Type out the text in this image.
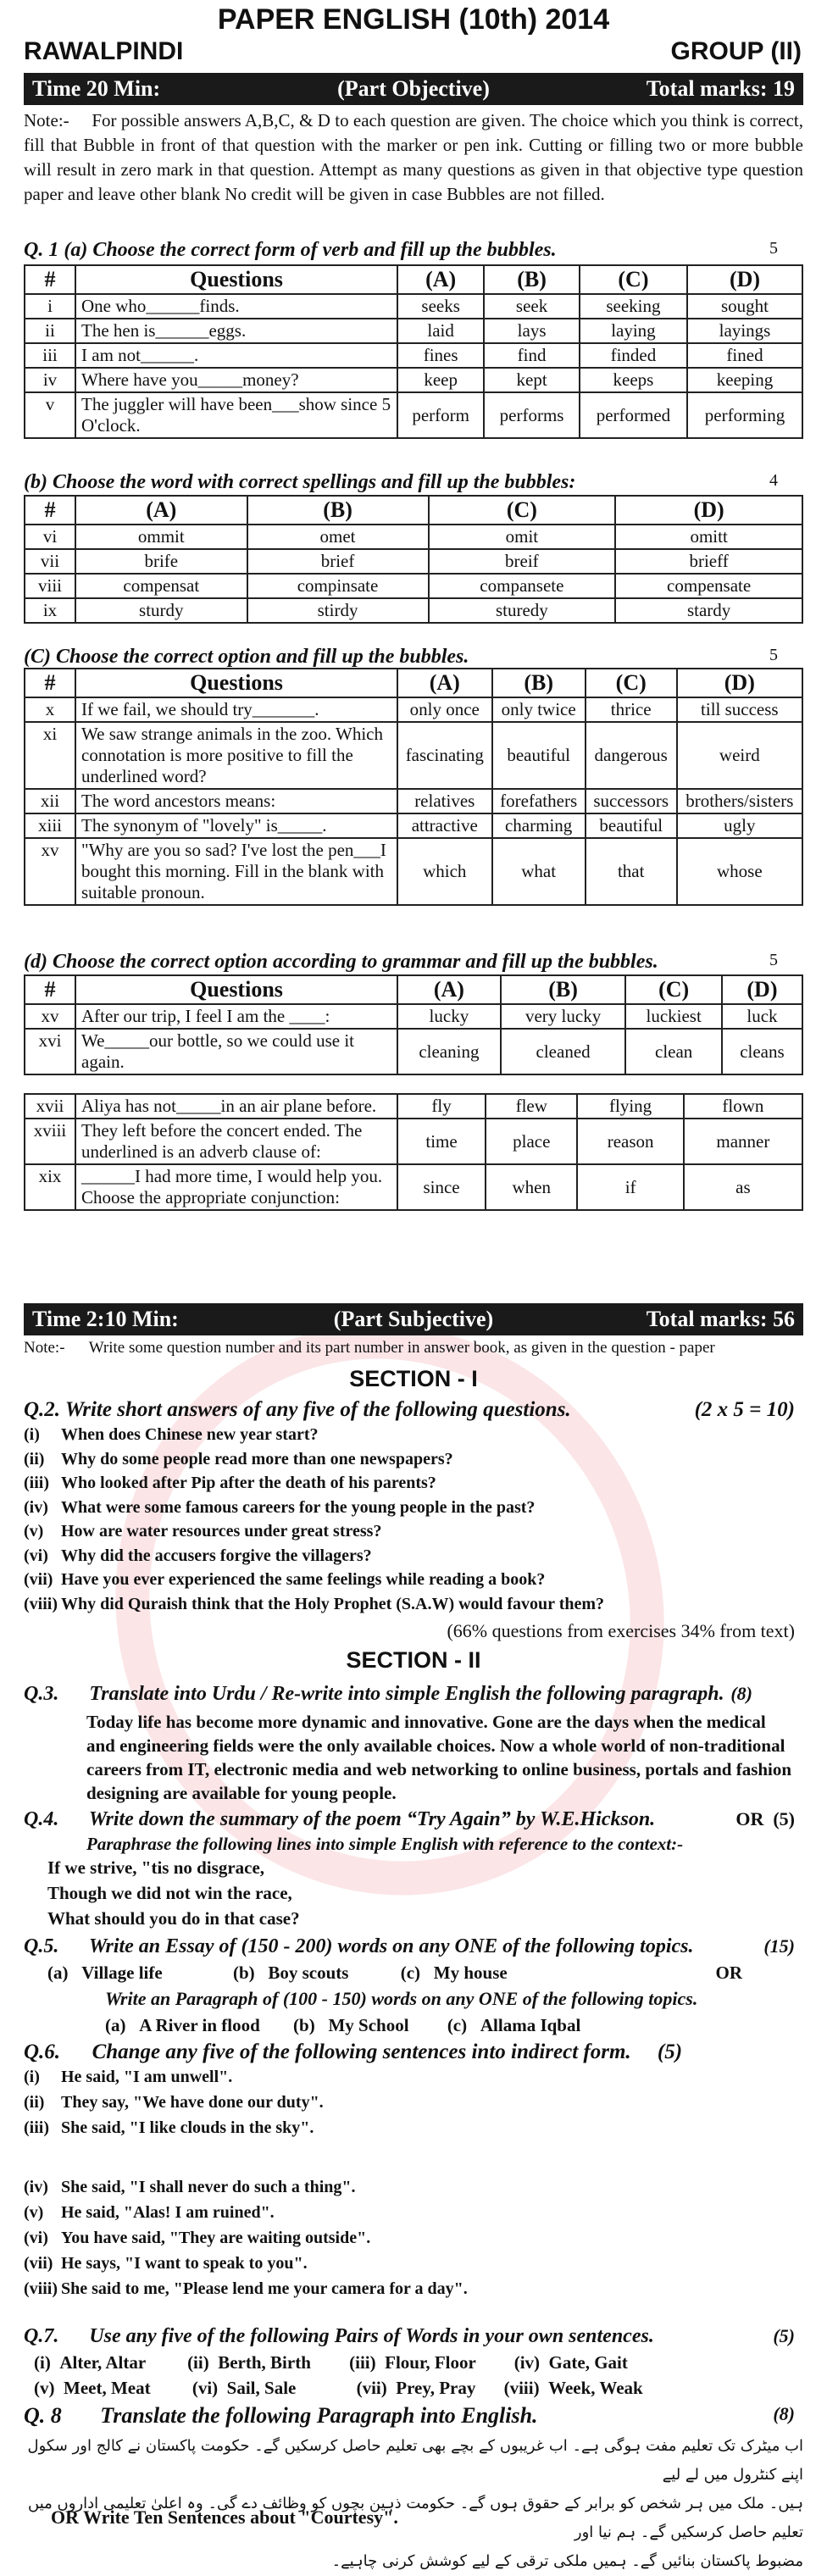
PAPER ENGLISH (10th) 2014
RAWALPINDI	GROUP (II)
Time 20 Min:	(Part Objective)	Total marks: 19
Note:- For possible answers A,B,C, & D to each question are given. The choice which you think is correct, fill that Bubble in front of that question with the marker or pen ink. Cutting or filling two or more bubble will result in zero mark in that question. Attempt as many questions as given in that objective type question paper and leave other blank No credit will be given in case Bubbles are not filled.
Q. 1 (a) Choose the correct form of verb and fill up the bubbles.	5
#	Questions	(A)	(B)	(C)	(D)
i	One who______finds.	seeks	seek	seeking	sought
ii	The hen is______eggs.	laid	lays	laying	layings
iii	I am not______.	fines	find	finded	fined
iv	Where have you_____money?	keep	kept	keeps	keeping
v	The juggler will have been___show since 5 O'clock.	perform	performs	performed	performing
(b) Choose the word with correct spellings and fill up the bubbles:	4
#	(A)	(B)	(C)	(D)
vi	ommit	omet	omit	omitt
vii	brife	brief	breif	brieff
viii	compensat	compinsate	compansete	compensate
ix	sturdy	stirdy	sturedy	stardy
(C) Choose the correct option and fill up the bubbles.	5
#	Questions	(A)	(B)	(C)	(D)
x	If we fail, we should try_______.	only once	only twice	thrice	till success
xi	We saw strange animals in the zoo. Which connotation is more positive to fill the underlined word?	fascinating	beautiful	dangerous	weird
xii	The word ancestors means:	relatives	forefathers	successors	brothers/sisters
xiii	The synonym of "lovely" is_____.	attractive	charming	beautiful	ugly
xv	"Why are you so sad? I've lost the pen___I bought this morning. Fill in the blank with suitable pronoun.	which	what	that	whose
(d) Choose the correct option according to grammar and fill up the bubbles.	5
#	Questions	(A)	(B)	(C)	(D)
xv	After our trip, I feel I am the ____:	lucky	very lucky	luckiest	luck
xvi	We_____our bottle, so we could use it again.	cleaning	cleaned	clean	cleans
xvii	Aliya has not_____in an air plane before.	fly	flew	flying	flown
xviii	They left before the concert ended. The underlined is an adverb clause of:	time	place	reason	manner
xix	______I had more time, I would help you. Choose the appropriate conjunction:	since	when	if	as
Time 2:10 Min:	(Part Subjective)	Total marks: 56
Note:- Write some question number and its part number in answer book, as given in the question - paper
SECTION - I
Q.2. Write short answers of any five of the following questions.	(2 x 5 = 10)
(i) When does Chinese new year start?
(ii) Why do some people read more than one newspapers?
(iii) Who looked after Pip after the death of his parents?
(iv) What were some famous careers for the young people in the past?
(v) How are water resources under great stress?
(vi) Why did the accusers forgive the villagers?
(vii) Have you ever experienced the same feelings while reading a book?
(viii) Why did Quraish think that the Holy Prophet (S.A.W) would favour them?
(66% questions from exercises 34% from text)
SECTION - II
Q.3. Translate into Urdu / Re-write into simple English the following paragraph. (8)
Today life has become more dynamic and innovative. Gone are the days when the medical and engineering fields were the only available choices. Now a whole world of non-traditional careers from IT, electronic media and web networking to online business, portals and fashion designing are available for young people.
Q.4. Write down the summary of the poem “Try Again” by W.E.Hickson.	OR (5)
Paraphrase the following lines into simple English with reference to the context:-
If we strive, "tis no disgrace,
Though we did not win the race,
What should you do in that case?
Q.5. Write an Essay of (150 - 200) words on any ONE of the following topics.	(15)
(a) Village life	(b) Boy scouts	(c) My house	OR
Write an Paragraph of (100 - 150) words on any ONE of the following topics.
(a) A River in flood (b) My School (c) Allama Iqbal
Q.6. Change any five of the following sentences into indirect form. (5)
(i) He said, "I am unwell".
(ii) They say, "We have done our duty".
(iii) She said, "I like clouds in the sky".
(iv) She said, "I shall never do such a thing".
(v) He said, "Alas! I am ruined".
(vi) You have said, "They are waiting outside".
(vii) He says, "I want to speak to you".
(viii) She said to me, "Please lend me your camera for a day".
Q.7. Use any five of the following Pairs of Words in your own sentences.	(5)
(i) Alter, Altar (ii) Berth, Birth (iii) Flour, Floor (iv) Gate, Gait
(v) Meet, Meat (vi) Sail, Sale	(vii) Prey, Pray (viii) Week, Weak
Q. 8 Translate the following Paragraph into English.	(8)
اب میٹرک تک تعلیم مفت ہوگی ہے۔ اب غریبوں کے بچے بھی تعلیم حاصل کرسکیں گے۔ حکومت پاکستان نے کالج اور سکول اپنے کنٹرول میں لے لیے
ہیں۔ ملک میں ہر شخص کو برابر کے حقوق ہوں گے۔ حکومت ذہین بچوں کو وظائف دے گی۔ وہ اعلیٰ تعلیمی اداروں میں تعلیم حاصل کرسکیں گے۔ ہم نیا اور
مضبوط پاکستان بنائیں گے۔ ہمیں ملکی ترقی کے لیے کوشش کرنی چاہیے۔
OR Write Ten Sentences about "Courtesy".
